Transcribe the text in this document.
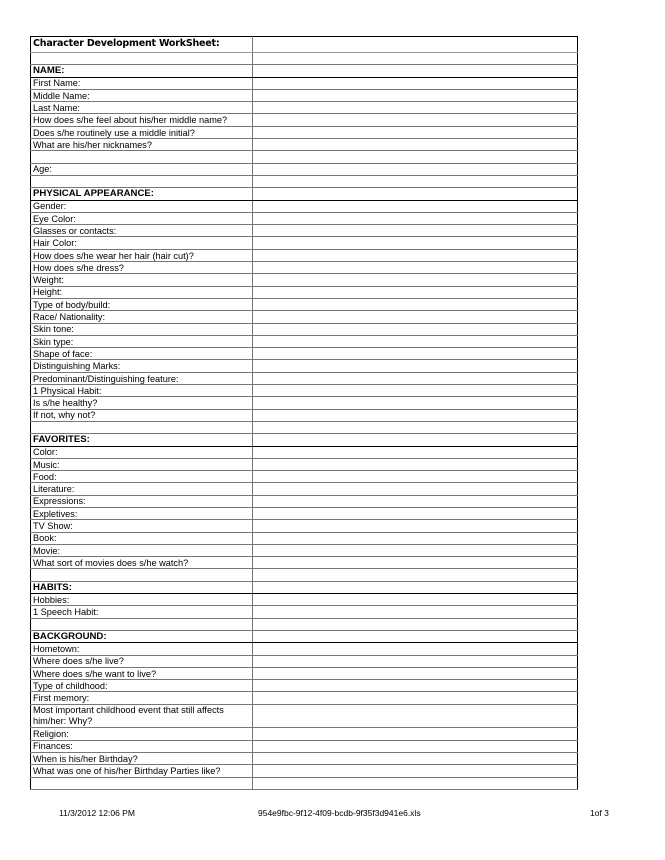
Character Development WorkSheet:	

NAME:	
First Name:	
Middle Name:	
Last Name:	
How does s/he feel about his/her middle name?	
Does s/he routinely use a middle initial?	
What are his/her nicknames?	

Age:	

PHYSICAL APPEARANCE:	
Gender:	
Eye Color:	
Glasses or contacts:	
Hair Color:	
How does s/he wear her hair (hair cut)?	
How does s/he dress?	
Weight:	
Height:	
Type of body/build:	
Race/ Nationality:	
Skin tone:	
Skin type:	
Shape of face:	
Distinguishing Marks:	
Predominant/Distinguishing feature:	
1 Physical Habit:	
Is s/he healthy?	
If not, why not?	

FAVORITES:	
Color:	
Music:	
Food:	
Literature:	
Expressions:	
Expletives:	
TV Show:	
Book:	
Movie:	
What sort of movies does s/he watch?	

HABITS:	
Hobbies:	
1 Speech Habit:	

BACKGROUND:	
Hometown:	
Where does s/he live?	
Where does s/he want to live?	
Type of childhood:	
First memory:	
Most important childhood event that still affects him/her: Why?	
Religion:	
Finances:	
When is his/her Birthday?	
What was one of his/her Birthday Parties like?	

11/3/2012 12:06 PM	954e9fbc-9f12-4f09-bcdb-9f35f3d941e6.xls	1of 3
